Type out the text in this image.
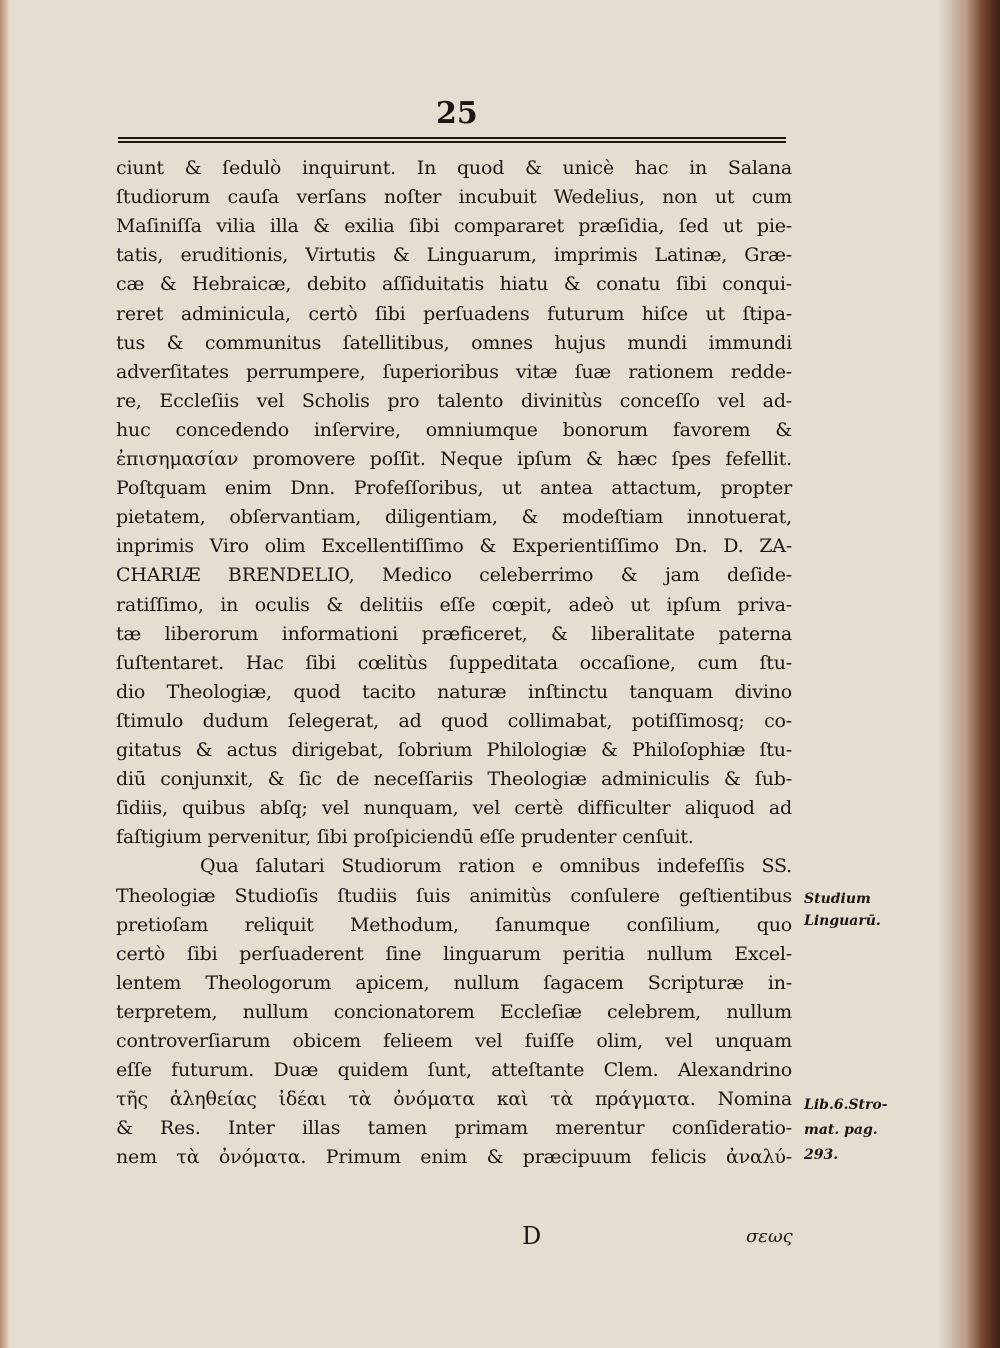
25
ciunt & ſedulò inquirunt. In quod & unicè hac in Salana
ſtudiorum cauſa verſans noſter incubuit Wedelius, non ut cum
Maſiniſſa vilia illa & exilia ſibi compararet præſidia, ſed ut pie-
tatis, eruditionis, Virtutis & Linguarum, imprimis Latinæ, Græ-
cæ & Hebraicæ, debito aſſiduitatis hiatu & conatu ſibi conqui-
reret adminicula, certò ſibi perſuadens futurum hiſce ut ſtipa-
tus & communitus ſatellitibus, omnes hujus mundi immundi
adverſitates perrumpere, ſuperioribus vitæ ſuæ rationem redde-
re, Eccleſiis vel Scholis pro talento divinitùs conceſſo vel ad-
huc concedendo inſervire, omniumque bonorum favorem &
ἐπισημασίαν promovere poſſit. Neque ipſum & hæc ſpes fefellit.
Poſtquam enim Dnn. Profeſſoribus, ut antea attactum, propter
pietatem, obſervantiam, diligentiam, & modeſtiam innotuerat,
inprimis Viro olim Excellentiſſimo & Experientiſſimo Dn. D. ZA-
CHARIÆ BRENDELIO, Medico celeberrimo & jam deſide-
ratiſſimo, in oculis & delitiis eſſe cœpit, adeò ut ipſum priva-
tæ liberorum informationi præficeret, & liberalitate paterna
ſuſtentaret. Hac ſibi cœlitùs ſuppeditata occaſione, cum ſtu-
dio Theologiæ, quod tacito naturæ inſtinctu tanquam divino
ſtimulo dudum ſelegerat, ad quod collimabat, potiſſimosq; co-
gitatus & actus dirigebat, ſobrium Philologiæ & Philoſophiæ ſtu-
diū conjunxit, & ſic de neceſſariis Theologiæ adminiculis & ſub-
ſidiis, quibus abſq; vel nunquam, vel certè difficulter aliquod ad
faſtigium pervenitur, ſibi proſpiciendū eſſe prudenter cenſuit.
Qua ſalutari Studiorum ration e omnibus indefeſſis SS.
Theologiæ Studioſis ſtudiis ſuis animitùs conſulere geſtientibus
pretioſam reliquit Methodum, ſanumque conſilium, quo
certò ſibi perſuaderent ſine linguarum peritia nullum Excel-
lentem Theologorum apicem, nullum ſagacem Scripturæ in-
terpretem, nullum concionatorem Eccleſiæ celebrem, nullum
controverſiarum obicem felieem vel fuiſſe olim, vel unquam
eſſe futurum. Duæ quidem ſunt, atteſtante Clem. Alexandrino
τῆς ἀληθείας ἰδέαι τὰ ὀνόματα καὶ τὰ πράγματα. Nomina
& Res. Inter illas tamen primam merentur conſideratio-
nem τὰ ὀνόματα. Primum enim & præcipuum felicis ἀναλύ-
Studium
Linguarū.
Lib.6.Stro-
mat. pag.
293.
D	σεως
